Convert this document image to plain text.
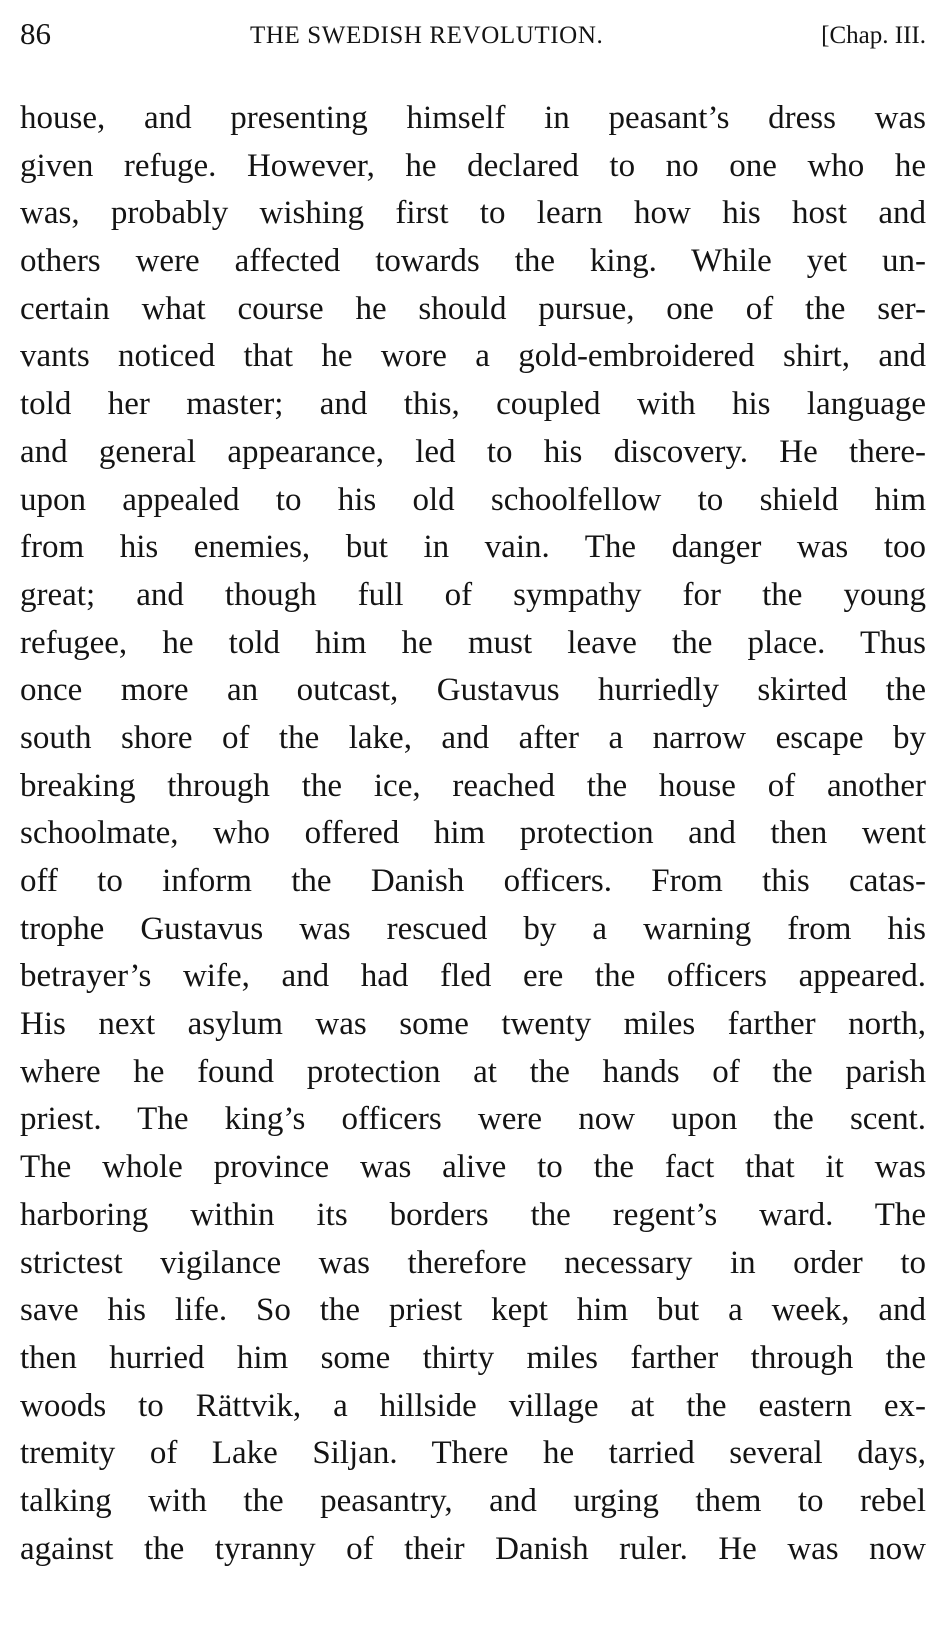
86	THE SWEDISH REVOLUTION.	[Chap. III.
house, and presenting himself in peasant’s dress was
given refuge. However, he declared to no one who he
was, probably wishing first to learn how his host and
others were affected towards the king. While yet un-
certain what course he should pursue, one of the ser-
vants noticed that he wore a gold-embroidered shirt, and
told her master; and this, coupled with his language
and general appearance, led to his discovery. He there-
upon appealed to his old schoolfellow to shield him
from his enemies, but in vain. The danger was too
great; and though full of sympathy for the young
refugee, he told him he must leave the place. Thus
once more an outcast, Gustavus hurriedly skirted the
south shore of the lake, and after a narrow escape by
breaking through the ice, reached the house of another
schoolmate, who offered him protection and then went
off to inform the Danish officers. From this catas-
trophe Gustavus was rescued by a warning from his
betrayer’s wife, and had fled ere the officers appeared.
His next asylum was some twenty miles farther north,
where he found protection at the hands of the parish
priest. The king’s officers were now upon the scent.
The whole province was alive to the fact that it was
harboring within its borders the regent’s ward. The
strictest vigilance was therefore necessary in order to
save his life. So the priest kept him but a week, and
then hurried him some thirty miles farther through the
woods to Rättvik, a hillside village at the eastern ex-
tremity of Lake Siljan. There he tarried several days,
talking with the peasantry, and urging them to rebel
against the tyranny of their Danish ruler. He was now
